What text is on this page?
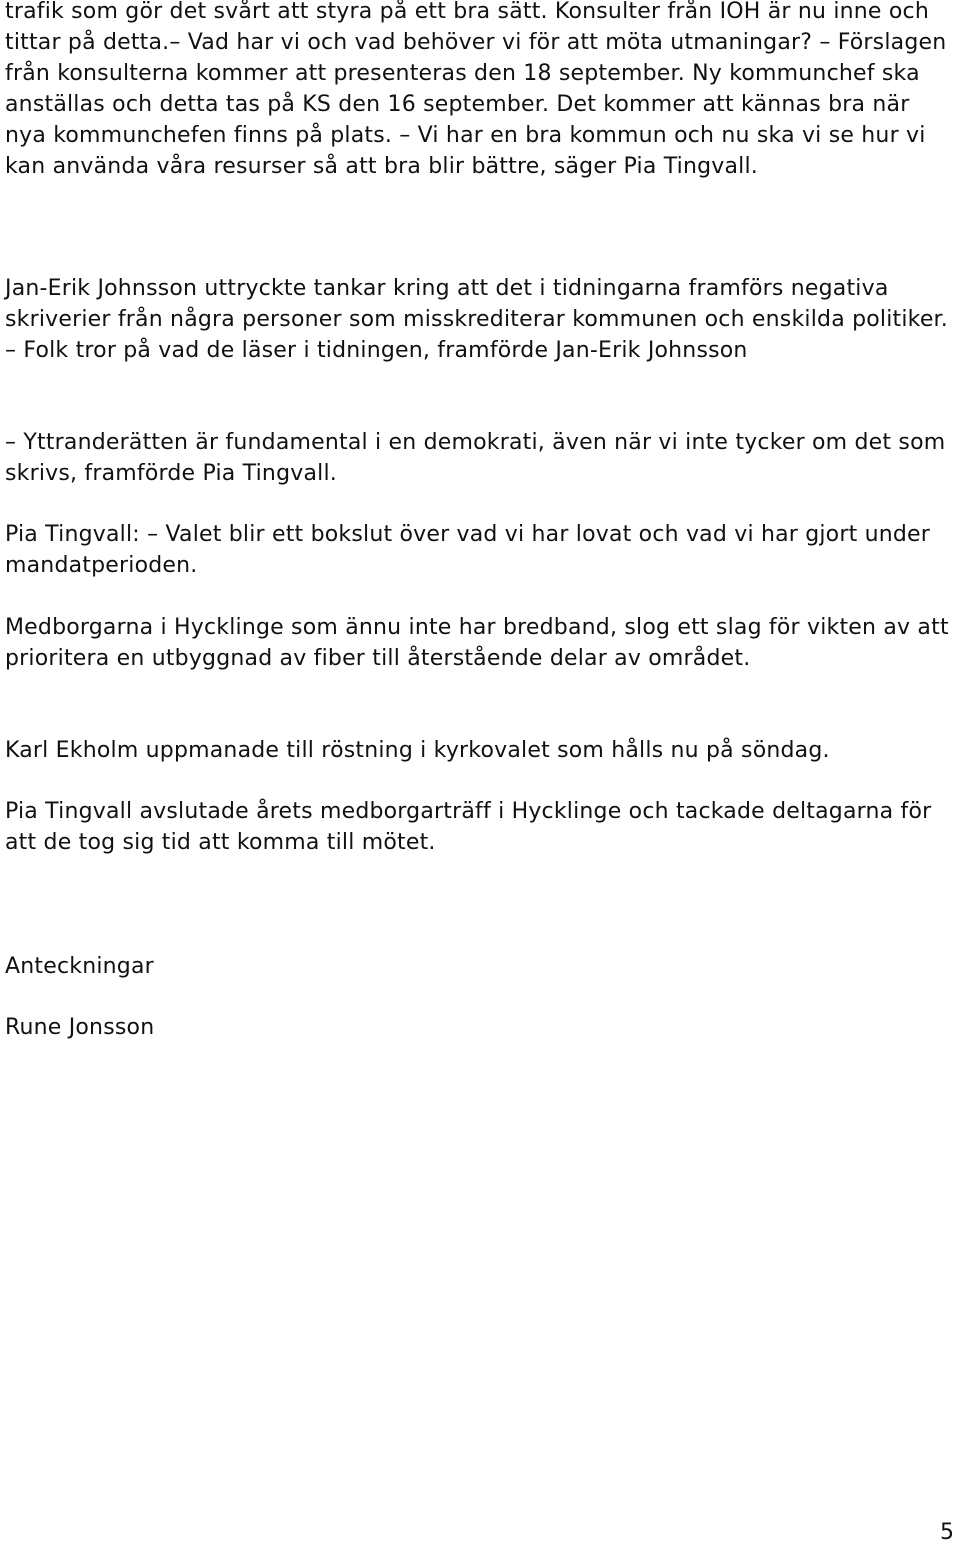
trafik som gör det svårt att styra på ett bra sätt. Konsulter från IOH är nu inne och tittar på detta.– Vad har vi och vad behöver vi för att möta utmaningar? – Förslagen från konsulterna kommer att presenteras den 18 september. Ny kommunchef ska anställas och detta tas på KS den 16 september. Det kommer att kännas bra när nya kommunchefen finns på plats. – Vi har en bra kommun och nu ska vi se hur vi kan använda våra resurser så att bra blir bättre, säger Pia Tingvall.

Jan-Erik Johnsson uttryckte tankar kring att det i tidningarna framförs negativa skriverier från några personer som misskrediterar kommunen och enskilda politiker. – Folk tror på vad de läser i tidningen, framförde Jan-Erik Johnsson

– Yttranderätten är fundamental i en demokrati, även när vi inte tycker om det som skrivs, framförde Pia Tingvall.

Pia Tingvall: – Valet blir ett bokslut över vad vi har lovat och vad vi har gjort under mandatperioden.

Medborgarna i Hycklinge som ännu inte har bredband, slog ett slag för vikten av att prioritera en utbyggnad av fiber till återstående delar av området.

Karl Ekholm uppmanade till röstning i kyrkovalet som hålls nu på söndag.

Pia Tingvall avslutade årets medborgarträff i Hycklinge och tackade deltagarna för att de tog sig tid att komma till mötet.

Anteckningar

Rune Jonsson

5
